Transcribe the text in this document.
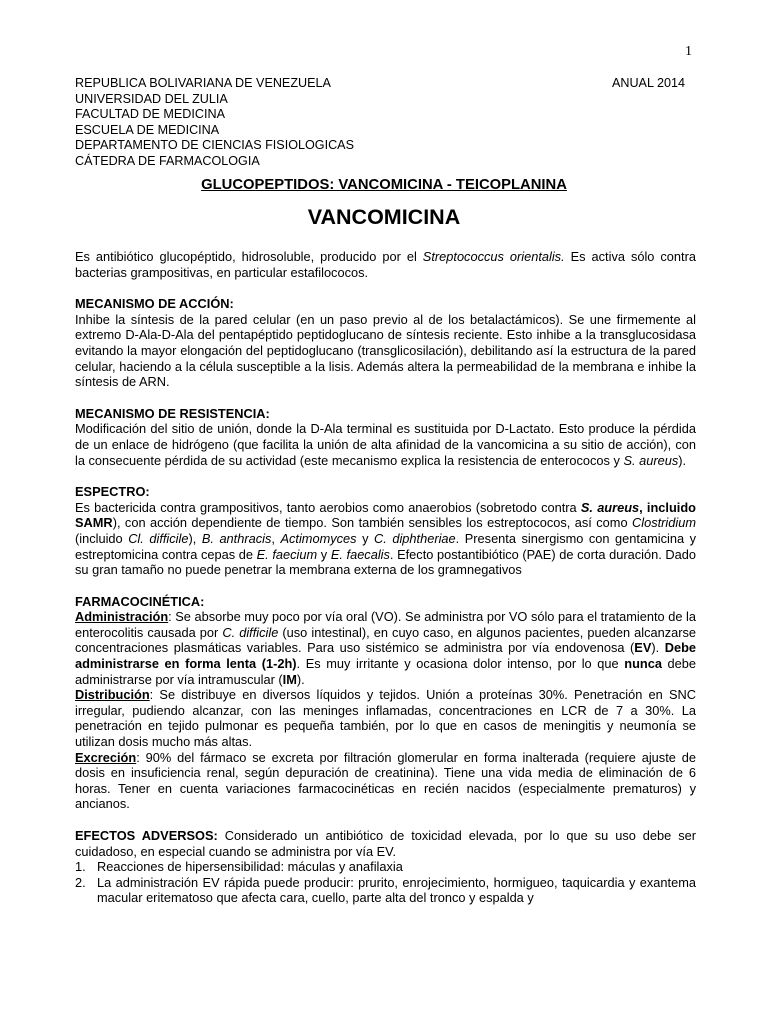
1
REPUBLICA BOLIVARIANA DE VENEZUELA	ANUAL 2014
UNIVERSIDAD DEL ZULIA
FACULTAD DE MEDICINA
ESCUELA DE MEDICINA
DEPARTAMENTO DE CIENCIAS FISIOLOGICAS
CÁTEDRA DE FARMACOLOGIA
GLUCOPEPTIDOS: VANCOMICINA - TEICOPLANINA
VANCOMICINA

Es antibiótico glucopéptido, hidrosoluble, producido por el Streptococcus orientalis. Es activa sólo contra bacterias grampositivas, en particular estafilococos.

MECANISMO DE ACCIÓN:

Inhibe la síntesis de la pared celular (en un paso previo al de los betalactámicos). Se une firmemente al extremo D-Ala-D-Ala del pentapéptido peptidoglucano de síntesis reciente. Esto inhibe a la transglucosidasa evitando la mayor elongación del peptidoglucano (transglicosilación), debilitando así la estructura de la pared celular, haciendo a la célula susceptible a la lisis. Además altera la permeabilidad de la membrana e inhibe la síntesis de ARN.

MECANISMO DE RESISTENCIA:

Modificación del sitio de unión, donde la D-Ala terminal es sustituida por D-Lactato. Esto produce la pérdida de un enlace de hidrógeno (que facilita la unión de alta afinidad de la vancomicina a su sitio de acción), con la consecuente pérdida de su actividad (este mecanismo explica la resistencia de enterococos y S. aureus).

ESPECTRO:

Es bactericida contra grampositivos, tanto aerobios como anaerobios (sobretodo contra S. aureus, incluido SAMR), con acción dependiente de tiempo. Son también sensibles los estreptococos, así como Clostridium (incluido Cl. difficile), B. anthracis, Actimomyces y C. diphtheriae. Presenta sinergismo con gentamicina y estreptomicina contra cepas de E. faecium y E. faecalis. Efecto postantibiótico (PAE) de corta duración. Dado su gran tamaño no puede penetrar la membrana externa de los gramnegativos

FARMACOCINÉTICA:

Administración: Se absorbe muy poco por vía oral (VO). Se administra por VO sólo para el tratamiento de la enterocolitis causada por C. difficile (uso intestinal), en cuyo caso, en algunos pacientes, pueden alcanzarse concentraciones plasmáticas variables. Para uso sistémico se administra por vía endovenosa (EV). Debe administrarse en forma lenta (1-2h). Es muy irritante y ocasiona dolor intenso, por lo que nunca debe administrarse por vía intramuscular (IM).

Distribución: Se distribuye en diversos líquidos y tejidos. Unión a proteínas 30%. Penetración en SNC irregular, pudiendo alcanzar, con las meninges inflamadas, concentraciones en LCR de 7 a 30%. La penetración en tejido pulmonar es pequeña también, por lo que en casos de meningitis y neumonía se utilizan dosis mucho más altas.

Excreción: 90% del fármaco se excreta por filtración glomerular en forma inalterada (requiere ajuste de dosis en insuficiencia renal, según depuración de creatinina). Tiene una vida media de eliminación de 6 horas. Tener en cuenta variaciones farmacocinéticas en recién nacidos (especialmente prematuros) y ancianos.

EFECTOS ADVERSOS: Considerado un antibiótico de toxicidad elevada, por lo que su uso debe ser cuidadoso, en especial cuando se administra por vía EV.

1. Reacciones de hipersensibilidad: máculas y anafilaxia
2. La administración EV rápida puede producir: prurito, enrojecimiento, hormigueo, taquicardia y exantema macular eritematoso que afecta cara, cuello, parte alta del tronco y espalda y
